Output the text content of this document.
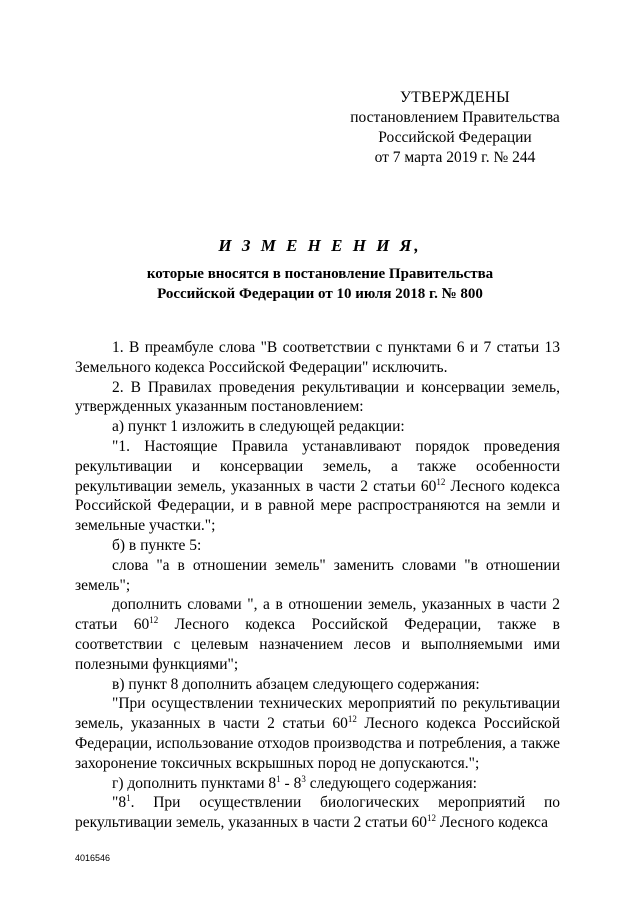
УТВЕРЖДЕНЫ
постановлением Правительства
Российской Федерации
от 7 марта 2019 г. № 244
И З М Е Н Е Н И Я,
которые вносятся в постановление Правительства
Российской Федерации от 10 июля 2018 г. № 800

1. В преамбуле слова "В соответствии с пунктами 6 и 7 статьи 13 Земельного кодекса Российской Федерации" исключить.

2. В Правилах проведения рекультивации и консервации земель, утвержденных указанным постановлением:

а) пункт 1 изложить в следующей редакции:

"1. Настоящие Правила устанавливают порядок проведения рекультивации и консервации земель, а также особенности рекультивации земель, указанных в части 2 статьи $60^{12}$ Лесного кодекса Российской Федерации, и в равной мере распространяются на земли и земельные участки.";

б) в пункте 5:

слова "а в отношении земель" заменить словами "в отношении земель";

дополнить словами ", а в отношении земель, указанных в части 2 статьи $60^{12}$ Лесного кодекса Российской Федерации, также в соответствии с целевым назначением лесов и выполняемыми ими полезными функциями";

в) пункт 8 дополнить абзацем следующего содержания:

"При осуществлении технических мероприятий по рекультивации земель, указанных в части 2 статьи $60^{12}$ Лесного кодекса Российской Федерации, использование отходов производства и потребления, а также захоронение токсичных вскрышных пород не допускаются.";

г) дополнить пунктами $8^1 - 8^3$ следующего содержания:

"$8^1$. При осуществлении биологических мероприятий по рекультивации земель, указанных в части 2 статьи $60^{12}$ Лесного кодекса

4016546
